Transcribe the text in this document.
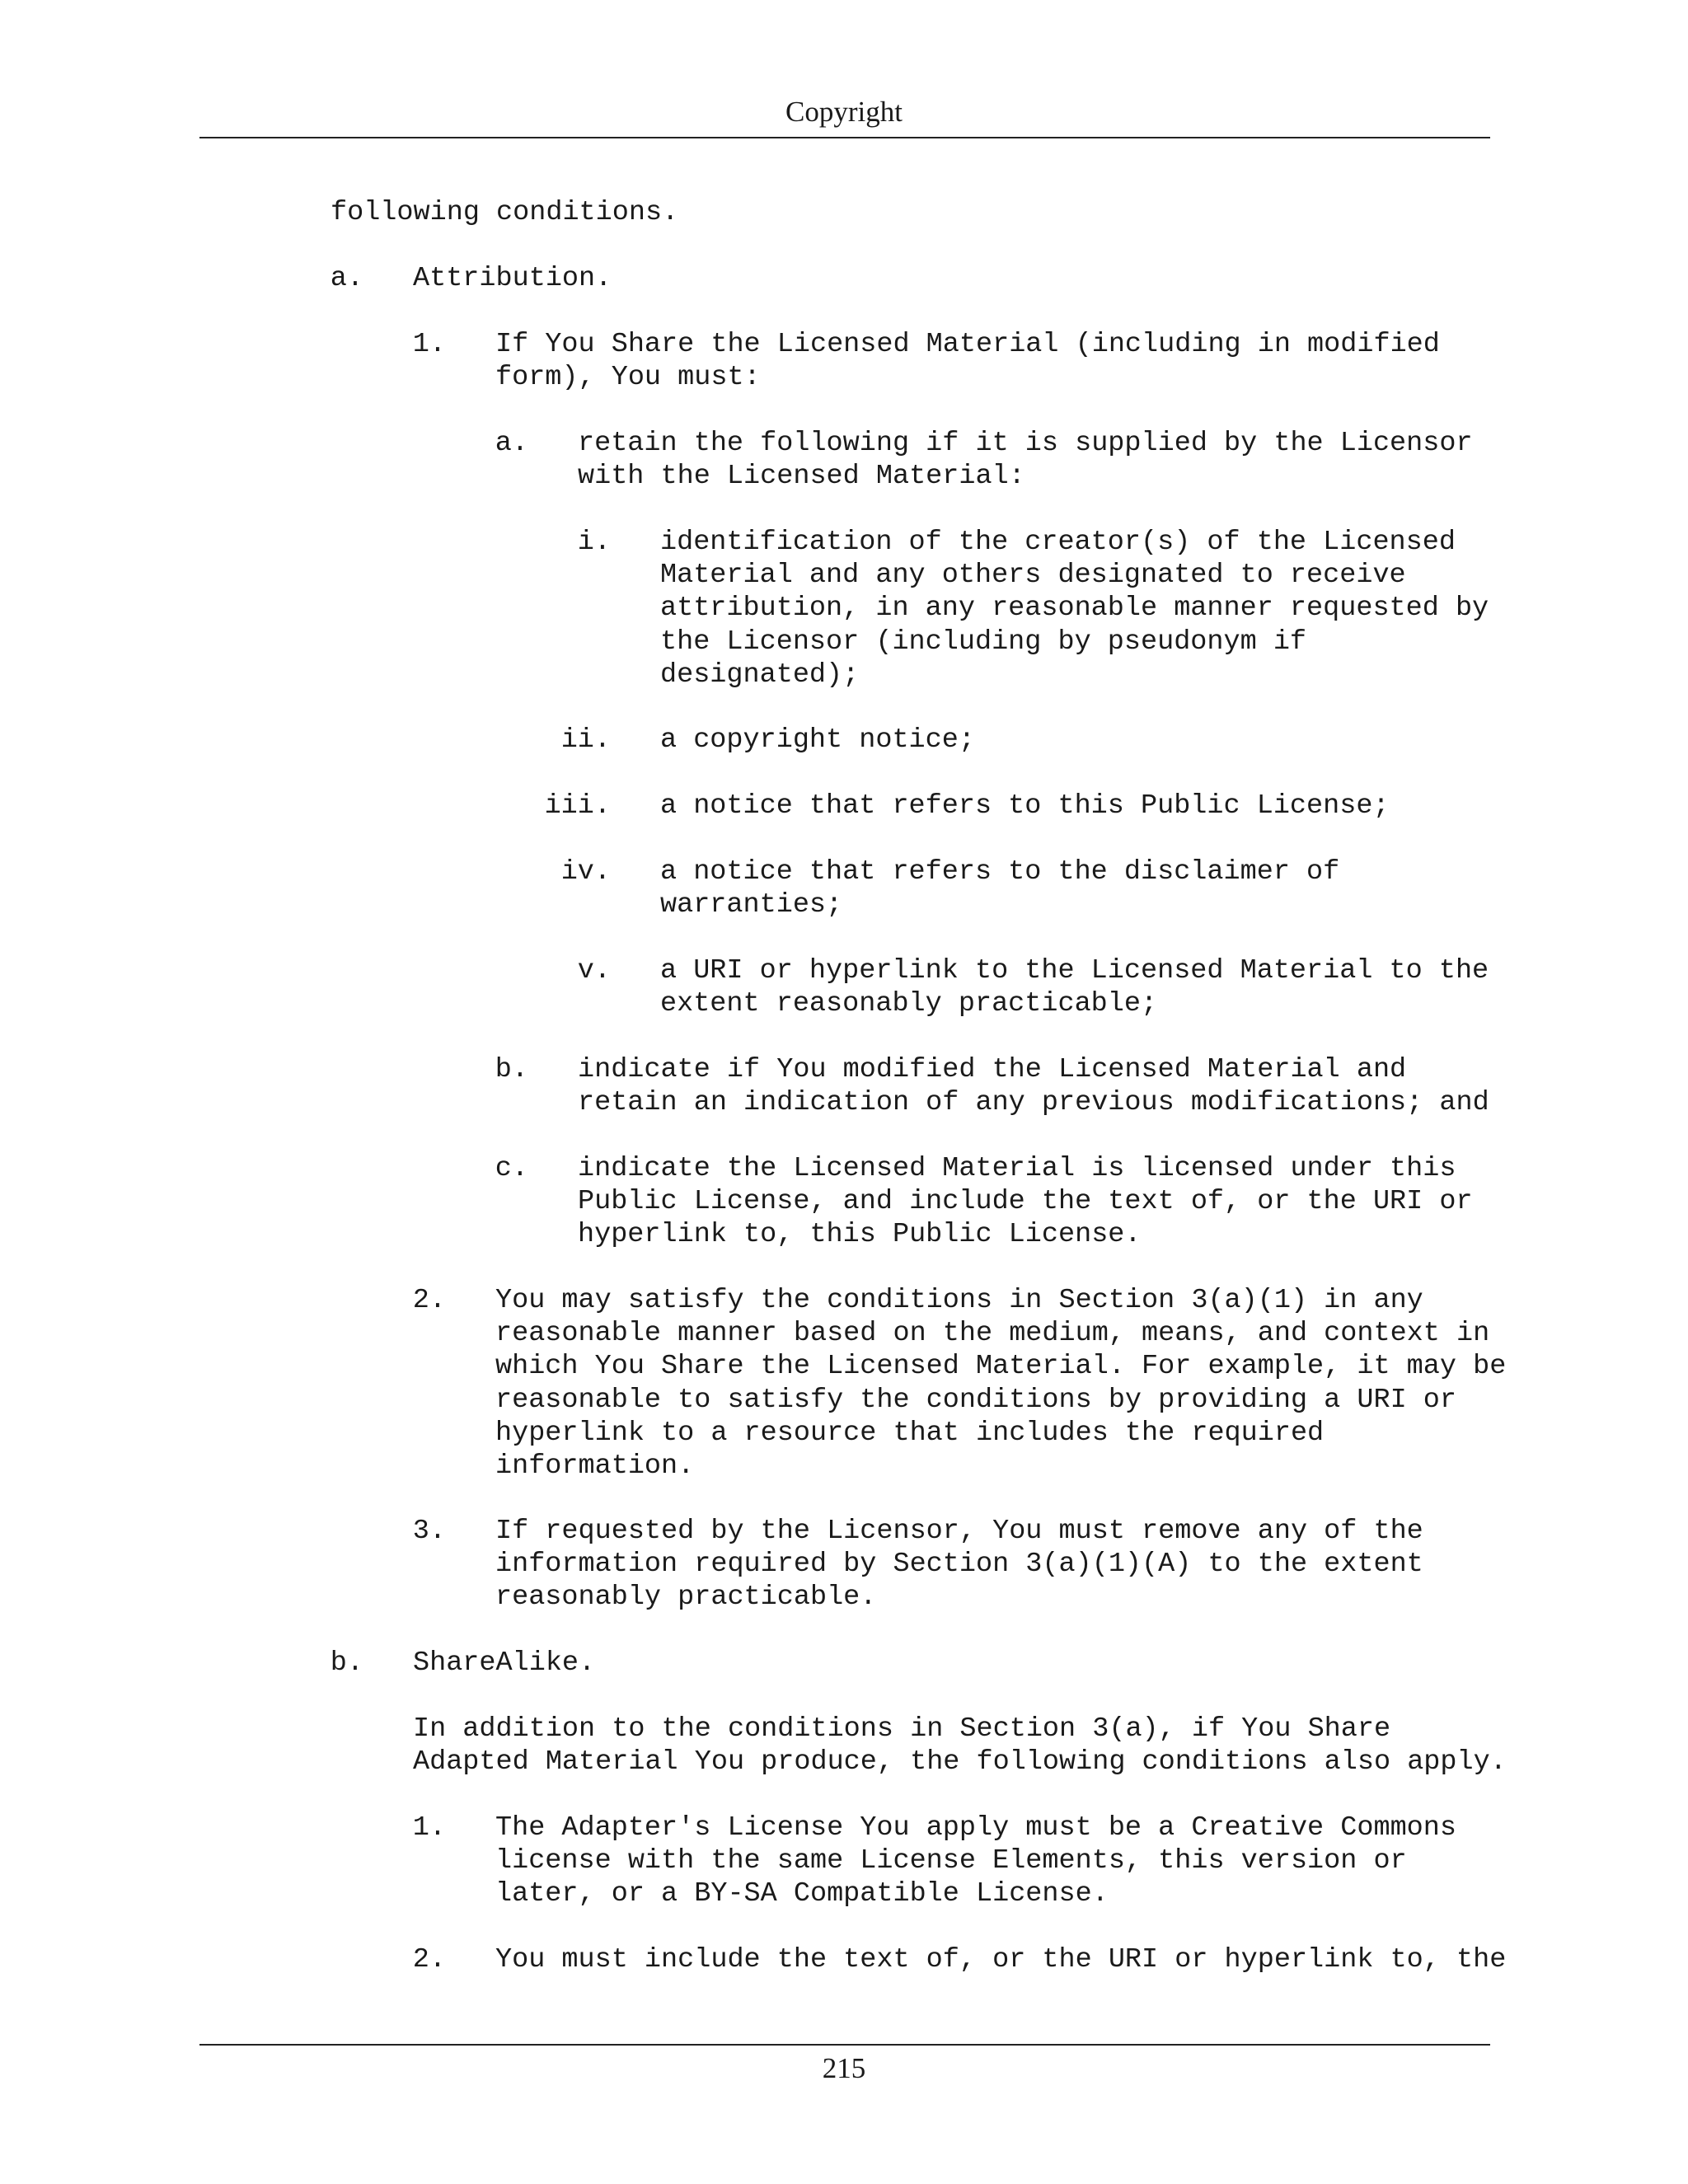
Copyright

following conditions.

a. Attribution.

1. If You Share the Licensed Material (including in modified
form), You must:

a. retain the following if it is supplied by the Licensor
with the Licensed Material:

i. identification of the creator(s) of the Licensed
Material and any others designated to receive
attribution, in any reasonable manner requested by
the Licensor (including by pseudonym if
designated);

ii. a copyright notice;

iii. a notice that refers to this Public License;

iv. a notice that refers to the disclaimer of
warranties;

v. a URI or hyperlink to the Licensed Material to the
extent reasonably practicable;

b. indicate if You modified the Licensed Material and
retain an indication of any previous modifications; and

c. indicate the Licensed Material is licensed under this
Public License, and include the text of, or the URI or
hyperlink to, this Public License.

2. You may satisfy the conditions in Section 3(a)(1) in any
reasonable manner based on the medium, means, and context in
which You Share the Licensed Material. For example, it may be
reasonable to satisfy the conditions by providing a URI or
hyperlink to a resource that includes the required
information.

3. If requested by the Licensor, You must remove any of the
information required by Section 3(a)(1)(A) to the extent
reasonably practicable.

b. ShareAlike.

In addition to the conditions in Section 3(a), if You Share
Adapted Material You produce, the following conditions also apply.

1. The Adapter's License You apply must be a Creative Commons
license with the same License Elements, this version or
later, or a BY-SA Compatible License.

2. You must include the text of, or the URI or hyperlink to, the

215
